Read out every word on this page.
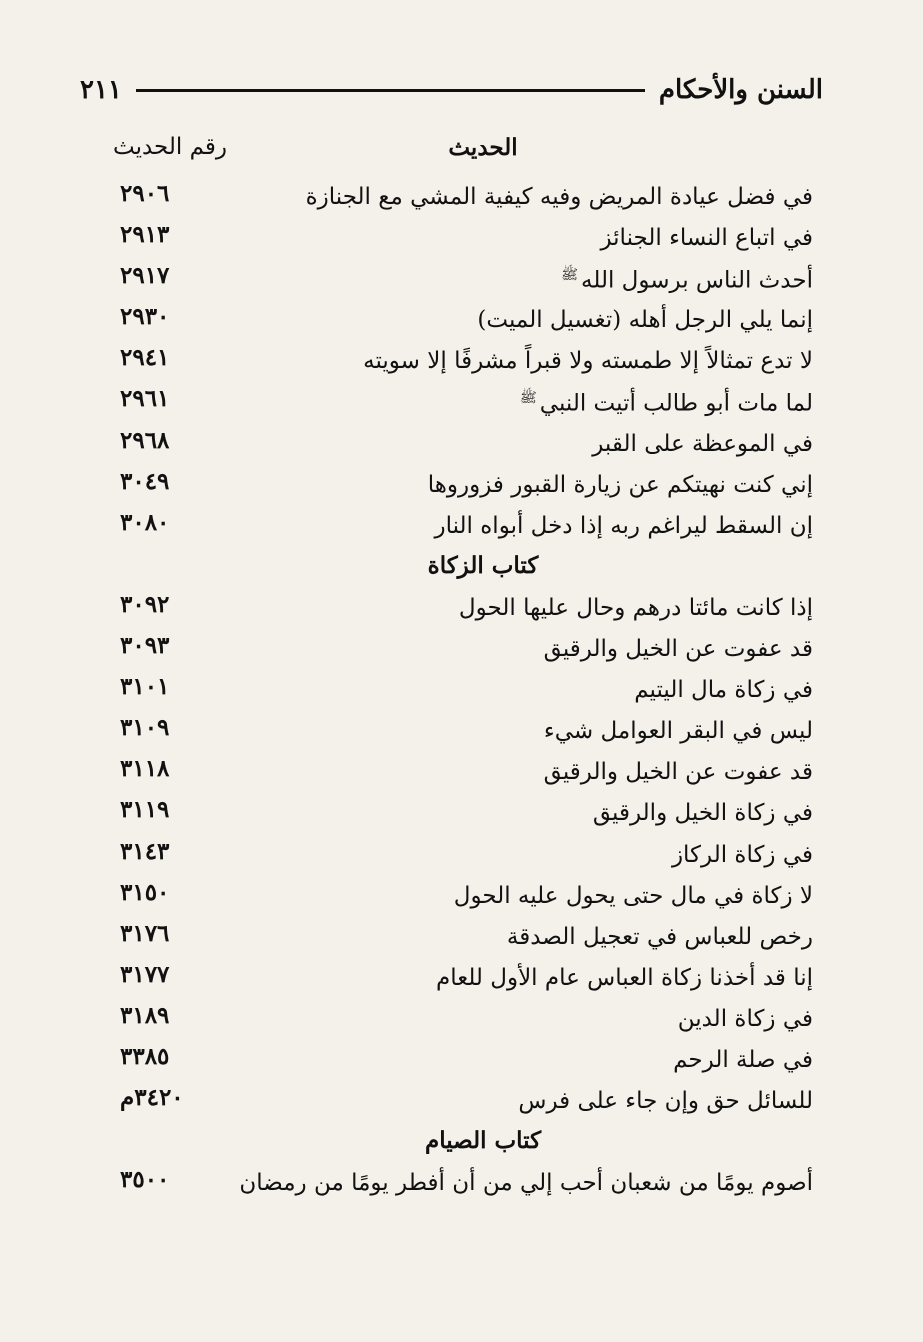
السنن والأحكام
٢١١
الحديث
رقم الحديث
في فضل عيادة المريض وفيه كيفية المشي مع الجنازة
٢٩٠٦
في اتباع النساء الجنائز
٢٩١٣
أحدث الناس برسول الله$^ﷺ$
٢٩١٧
إنما يلي الرجل أهله (تغسيل الميت)
٢٩٣٠
لا تدع تمثالاً إلا طمسته ولا قبراً مشرفًا إلا سويته
٢٩٤١
لما مات أبو طالب أتيت النبي$^ﷺ$
٢٩٦١
في الموعظة على القبر
٢٩٦٨
إني كنت نهيتكم عن زيارة القبور فزوروها
٣٠٤٩
إن السقط ليراغم ربه إذا دخل أبواه النار
٣٠٨٠
كتاب الزكاة
إذا كانت مائتا درهم وحال عليها الحول
٣٠٩٢
قد عفوت عن الخيل والرقيق
٣٠٩٣
في زكاة مال اليتيم
٣١٠١
ليس في البقر العوامل شيء
٣١٠٩
قد عفوت عن الخيل والرقيق
٣١١٨
في زكاة الخيل والرقيق
٣١١٩
في زكاة الركاز
٣١٤٣
لا زكاة في مال حتى يحول عليه الحول
٣١٥٠
رخص للعباس في تعجيل الصدقة
٣١٧٦
إنا قد أخذنا زكاة العباس عام الأول للعام
٣١٧٧
في زكاة الدين
٣١٨٩
في صلة الرحم
٣٣٨٥
للسائل حق وإن جاء على فرس
٣٤٢٠م
كتاب الصيام
أصوم يومًا من شعبان أحب إلي من أن أفطر يومًا من رمضان
٣٥٠٠
